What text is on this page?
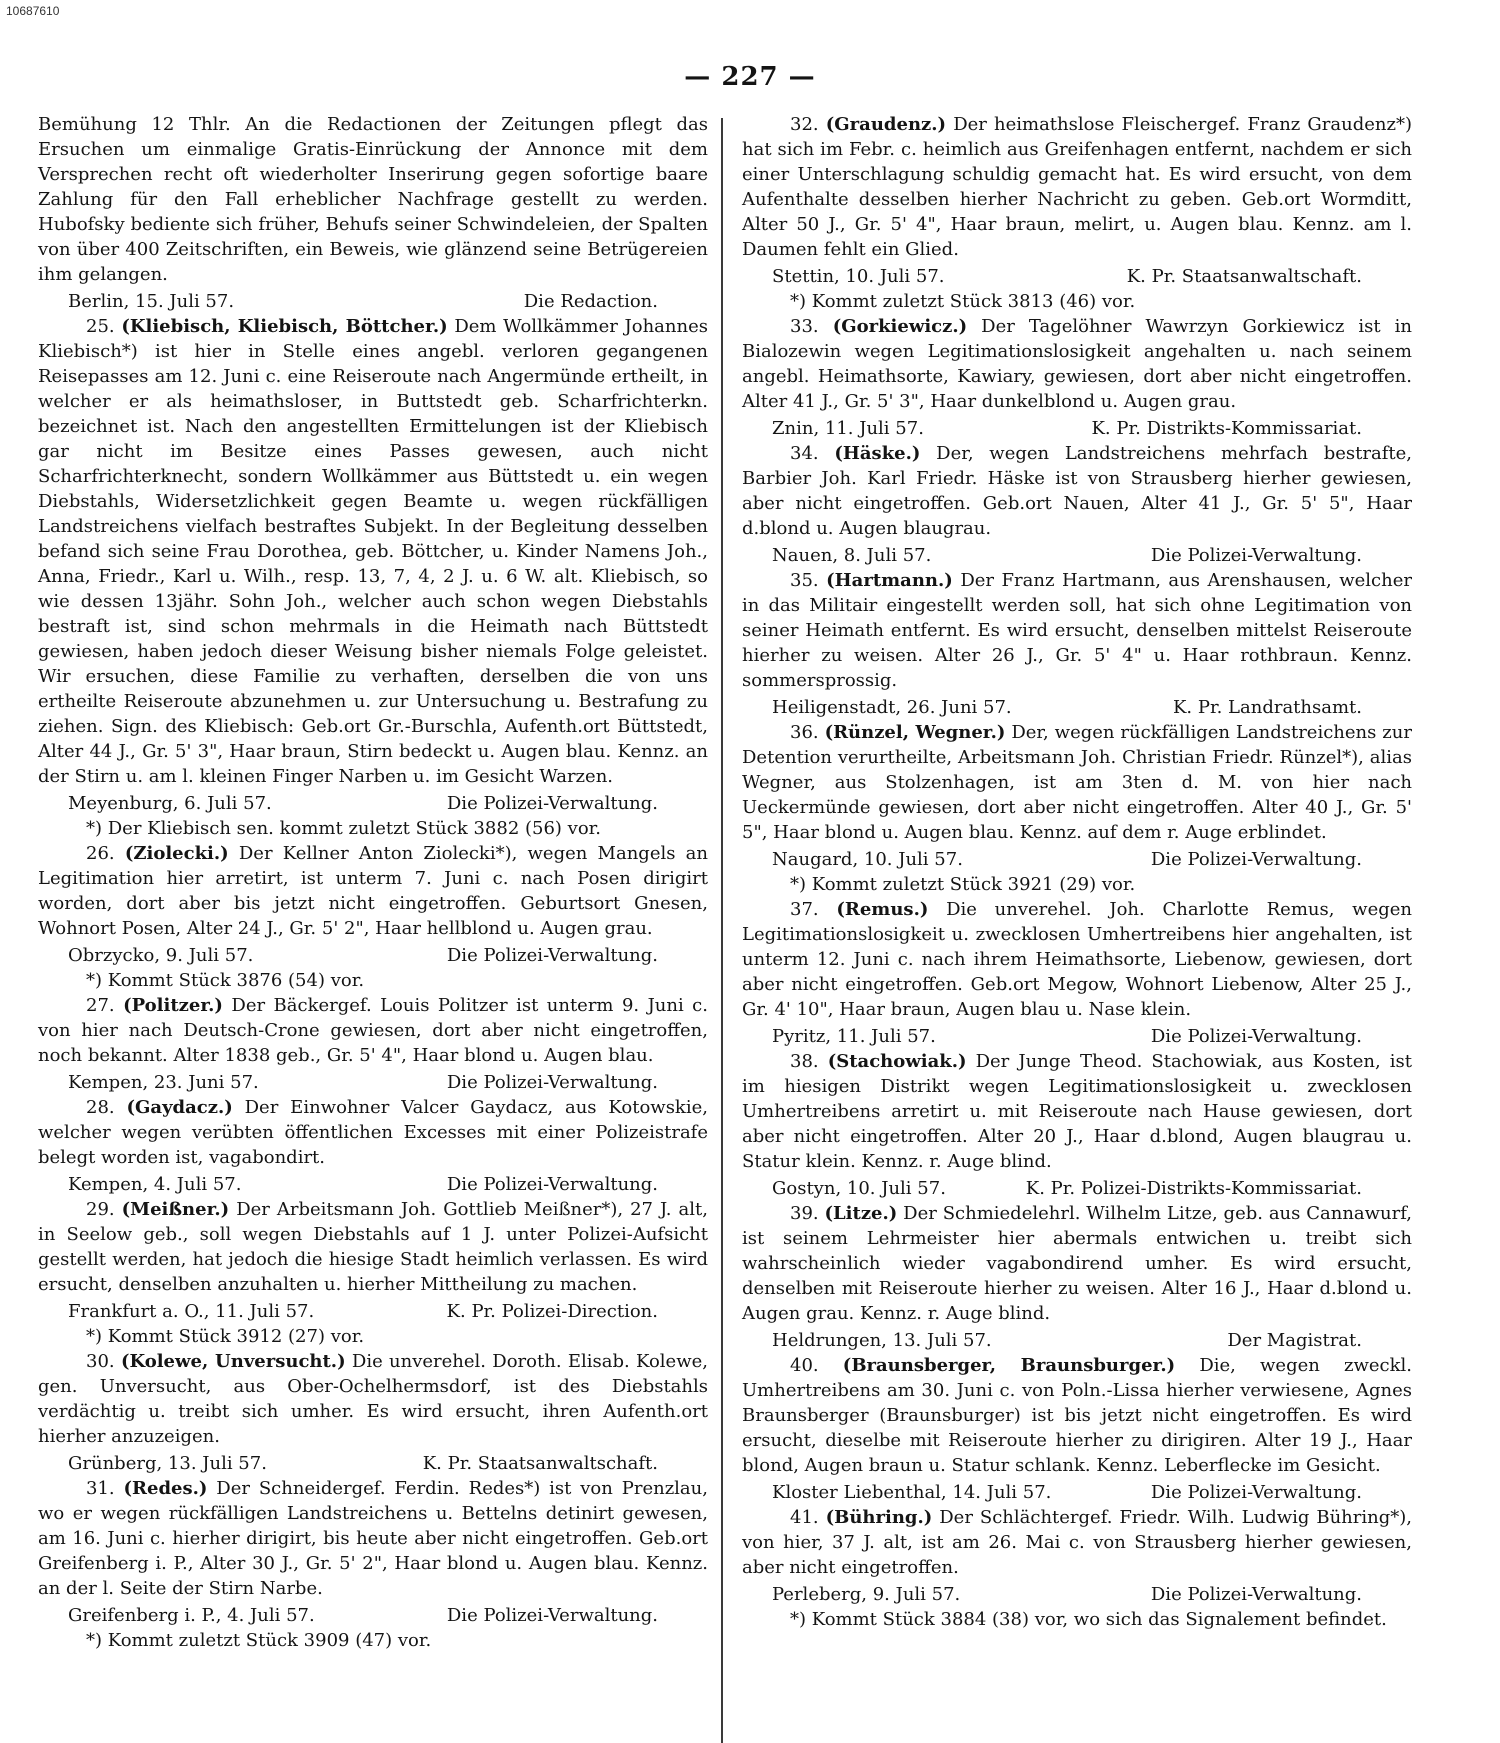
10687610
— 227 —

Bemühung 12 Thlr. An die Redactionen der Zeitungen pflegt das Ersuchen um einmalige Gratis-Einrückung der Annonce mit dem Versprechen recht oft wiederholter Inserirung gegen sofortige baare Zahlung für den Fall erheblicher Nachfrage gestellt zu werden. Hubofsky bediente sich früher, Behufs seiner Schwindeleien, der Spalten von über 400 Zeitschriften, ein Beweis, wie glänzend seine Betrügereien ihm gelangen.

Berlin, 15. Juli 57.	Die Redaction.

25. (Kliebisch, Kliebisch, Böttcher.) Dem Wollkämmer Johannes Kliebisch*) ist hier in Stelle eines angebl. verloren gegangenen Reisepasses am 12. Juni c. eine Reiseroute nach Angermünde ertheilt, in welcher er als heimathsloser, in Buttstedt geb. Scharfrichterkn. bezeichnet ist. Nach den angestellten Ermittelungen ist der Kliebisch gar nicht im Besitze eines Passes gewesen, auch nicht Scharfrichterknecht, sondern Wollkämmer aus Büttstedt u. ein wegen Diebstahls, Widersetzlichkeit gegen Beamte u. wegen rückfälligen Landstreichens vielfach bestraftes Subjekt. In der Begleitung desselben befand sich seine Frau Dorothea, geb. Böttcher, u. Kinder Namens Joh., Anna, Friedr., Karl u. Wilh., resp. 13, 7, 4, 2 J. u. 6 W. alt. Kliebisch, so wie dessen 13jähr. Sohn Joh., welcher auch schon wegen Diebstahls bestraft ist, sind schon mehrmals in die Heimath nach Büttstedt gewiesen, haben jedoch dieser Weisung bisher niemals Folge geleistet. Wir ersuchen, diese Familie zu verhaften, derselben die von uns ertheilte Reiseroute abzunehmen u. zur Untersuchung u. Bestrafung zu ziehen. Sign. des Kliebisch: Geb.ort Gr.-Burschla, Aufenth.ort Büttstedt, Alter 44 J., Gr. 5' 3", Haar braun, Stirn bedeckt u. Augen blau. Kennz. an der Stirn u. am l. kleinen Finger Narben u. im Gesicht Warzen.

Meyenburg, 6. Juli 57.	Die Polizei-Verwaltung.
*) Der Kliebisch sen. kommt zuletzt Stück 3882 (56) vor.

26. (Ziolecki.) Der Kellner Anton Ziolecki*), wegen Mangels an Legitimation hier arretirt, ist unterm 7. Juni c. nach Posen dirigirt worden, dort aber bis jetzt nicht eingetroffen. Geburtsort Gnesen, Wohnort Posen, Alter 24 J., Gr. 5' 2", Haar hellblond u. Augen grau.

Obrzycko, 9. Juli 57.	Die Polizei-Verwaltung.
*) Kommt Stück 3876 (54) vor.

27. (Politzer.) Der Bäckergef. Louis Politzer ist unterm 9. Juni c. von hier nach Deutsch-Crone gewiesen, dort aber nicht eingetroffen, noch bekannt. Alter 1838 geb., Gr. 5' 4", Haar blond u. Augen blau.

Kempen, 23. Juni 57.	Die Polizei-Verwaltung.

28. (Gaydacz.) Der Einwohner Valcer Gaydacz, aus Kotowskie, welcher wegen verübten öffentlichen Excesses mit einer Polizeistrafe belegt worden ist, vagabondirt.

Kempen, 4. Juli 57.	Die Polizei-Verwaltung.

29. (Meißner.) Der Arbeitsmann Joh. Gottlieb Meißner*), 27 J. alt, in Seelow geb., soll wegen Diebstahls auf 1 J. unter Polizei-Aufsicht gestellt werden, hat jedoch die hiesige Stadt heimlich verlassen. Es wird ersucht, denselben anzuhalten u. hierher Mittheilung zu machen.

Frankfurt a. O., 11. Juli 57.	K. Pr. Polizei-Direction.
*) Kommt Stück 3912 (27) vor.

30. (Kolewe, Unversucht.) Die unverehel. Doroth. Elisab. Kolewe, gen. Unversucht, aus Ober-Ochelhermsdorf, ist des Diebstahls verdächtig u. treibt sich umher. Es wird ersucht, ihren Aufenth.ort hierher anzuzeigen.

Grünberg, 13. Juli 57.	K. Pr. Staatsanwaltschaft.

31. (Redes.) Der Schneidergef. Ferdin. Redes*) ist von Prenzlau, wo er wegen rückfälligen Landstreichens u. Bettelns detinirt gewesen, am 16. Juni c. hierher dirigirt, bis heute aber nicht eingetroffen. Geb.ort Greifenberg i. P., Alter 30 J., Gr. 5' 2", Haar blond u. Augen blau. Kennz. an der l. Seite der Stirn Narbe.

Greifenberg i. P., 4. Juli 57.	Die Polizei-Verwaltung.
*) Kommt zuletzt Stück 3909 (47) vor.

32. (Graudenz.) Der heimathslose Fleischergef. Franz Graudenz*) hat sich im Febr. c. heimlich aus Greifenhagen entfernt, nachdem er sich einer Unterschlagung schuldig gemacht hat. Es wird ersucht, von dem Aufenthalte desselben hierher Nachricht zu geben. Geb.ort Wormditt, Alter 50 J., Gr. 5' 4", Haar braun, melirt, u. Augen blau. Kennz. am l. Daumen fehlt ein Glied.

Stettin, 10. Juli 57.	K. Pr. Staatsanwaltschaft.
*) Kommt zuletzt Stück 3813 (46) vor.

33. (Gorkiewicz.) Der Tagelöhner Wawrzyn Gorkiewicz ist in Bialozewin wegen Legitimationslosigkeit angehalten u. nach seinem angebl. Heimathsorte, Kawiary, gewiesen, dort aber nicht eingetroffen. Alter 41 J., Gr. 5' 3", Haar dunkelblond u. Augen grau.

Znin, 11. Juli 57.	K. Pr. Distrikts-Kommissariat.

34. (Häske.) Der, wegen Landstreichens mehrfach bestrafte, Barbier Joh. Karl Friedr. Häske ist von Strausberg hierher gewiesen, aber nicht eingetroffen. Geb.ort Nauen, Alter 41 J., Gr. 5' 5", Haar d.blond u. Augen blaugrau.

Nauen, 8. Juli 57.	Die Polizei-Verwaltung.

35. (Hartmann.) Der Franz Hartmann, aus Arenshausen, welcher in das Militair eingestellt werden soll, hat sich ohne Legitimation von seiner Heimath entfernt. Es wird ersucht, denselben mittelst Reiseroute hierher zu weisen. Alter 26 J., Gr. 5' 4" u. Haar rothbraun. Kennz. sommersprossig.

Heiligenstadt, 26. Juni 57.	K. Pr. Landrathsamt.

36. (Rünzel, Wegner.) Der, wegen rückfälligen Landstreichens zur Detention verurtheilte, Arbeitsmann Joh. Christian Friedr. Rünzel*), alias Wegner, aus Stolzenhagen, ist am 3ten d. M. von hier nach Ueckermünde gewiesen, dort aber nicht eingetroffen. Alter 40 J., Gr. 5' 5", Haar blond u. Augen blau. Kennz. auf dem r. Auge erblindet.

Naugard, 10. Juli 57.	Die Polizei-Verwaltung.
*) Kommt zuletzt Stück 3921 (29) vor.

37. (Remus.) Die unverehel. Joh. Charlotte Remus, wegen Legitimationslosigkeit u. zwecklosen Umhertreibens hier angehalten, ist unterm 12. Juni c. nach ihrem Heimathsorte, Liebenow, gewiesen, dort aber nicht eingetroffen. Geb.ort Megow, Wohnort Liebenow, Alter 25 J., Gr. 4' 10", Haar braun, Augen blau u. Nase klein.

Pyritz, 11. Juli 57.	Die Polizei-Verwaltung.

38. (Stachowiak.) Der Junge Theod. Stachowiak, aus Kosten, ist im hiesigen Distrikt wegen Legitimationslosigkeit u. zwecklosen Umhertreibens arretirt u. mit Reiseroute nach Hause gewiesen, dort aber nicht eingetroffen. Alter 20 J., Haar d.blond, Augen blaugrau u. Statur klein. Kennz. r. Auge blind.

Gostyn, 10. Juli 57.	K. Pr. Polizei-Distrikts-Kommissariat.

39. (Litze.) Der Schmiedelehrl. Wilhelm Litze, geb. aus Cannawurf, ist seinem Lehrmeister hier abermals entwichen u. treibt sich wahrscheinlich wieder vagabondirend umher. Es wird ersucht, denselben mit Reiseroute hierher zu weisen. Alter 16 J., Haar d.blond u. Augen grau. Kennz. r. Auge blind.

Heldrungen, 13. Juli 57.	Der Magistrat.

40. (Braunsberger, Braunsburger.) Die, wegen zweckl. Umhertreibens am 30. Juni c. von Poln.-Lissa hierher verwiesene, Agnes Braunsberger (Braunsburger) ist bis jetzt nicht eingetroffen. Es wird ersucht, dieselbe mit Reiseroute hierher zu dirigiren. Alter 19 J., Haar blond, Augen braun u. Statur schlank. Kennz. Leberflecke im Gesicht.

Kloster Liebenthal, 14. Juli 57.	Die Polizei-Verwaltung.

41. (Bühring.) Der Schlächtergef. Friedr. Wilh. Ludwig Bühring*), von hier, 37 J. alt, ist am 26. Mai c. von Strausberg hierher gewiesen, aber nicht eingetroffen.

Perleberg, 9. Juli 57.	Die Polizei-Verwaltung.
*) Kommt Stück 3884 (38) vor, wo sich das Signalement befindet.
